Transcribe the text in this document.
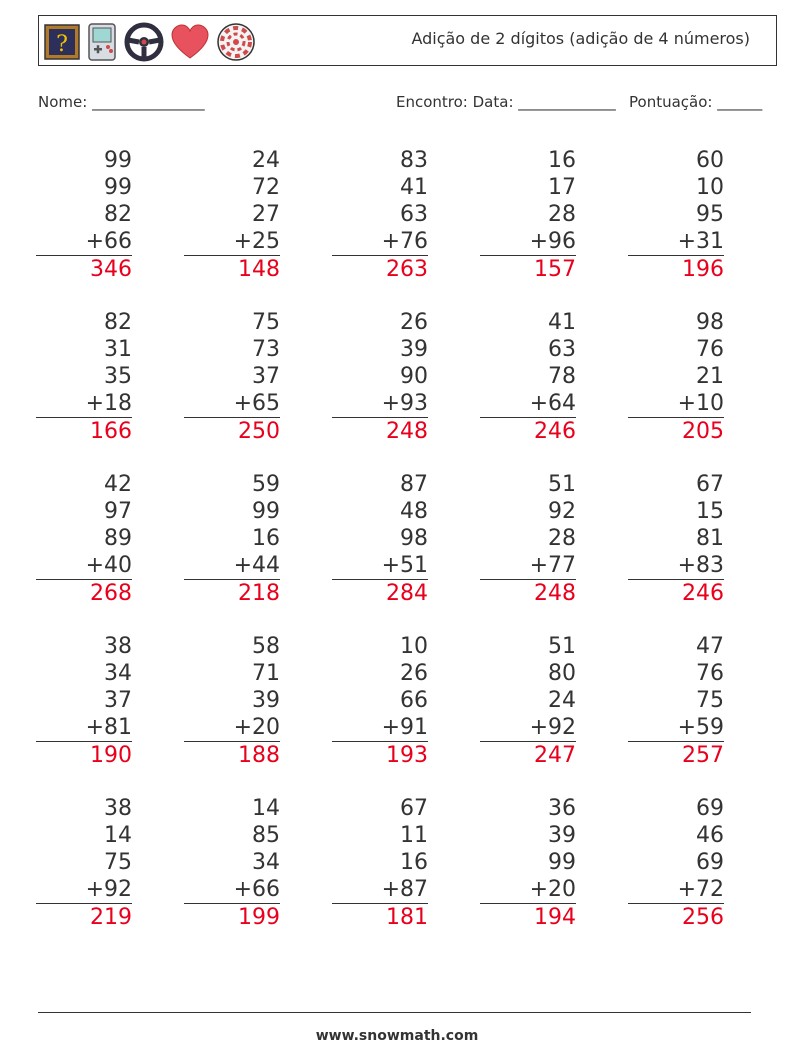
?	Adição de 2 dígitos (adição de 4 números)
Nome: _______________	Encontro: Data: _____________ Pontuação: ______
99
99
82
+66
346
24
72
27
+25
148
83
41
63
+76
263
16
17
28
+96
157
60
10
95
+31
196
82
31
35
+18
166
75
73
37
+65
250
26
39
90
+93
248
41
63
78
+64
246
98
76
21
+10
205
42
97
89
+40
268
59
99
16
+44
218
87
48
98
+51
284
51
92
28
+77
248
67
15
81
+83
246
38
34
37
+81
190
58
71
39
+20
188
10
26
66
+91
193
51
80
24
+92
247
47
76
75
+59
257
38
14
75
+92
219
14
85
34
+66
199
67
11
16
+87
181
36
39
99
+20
194
69
46
69
+72
256
www.snowmath.com
